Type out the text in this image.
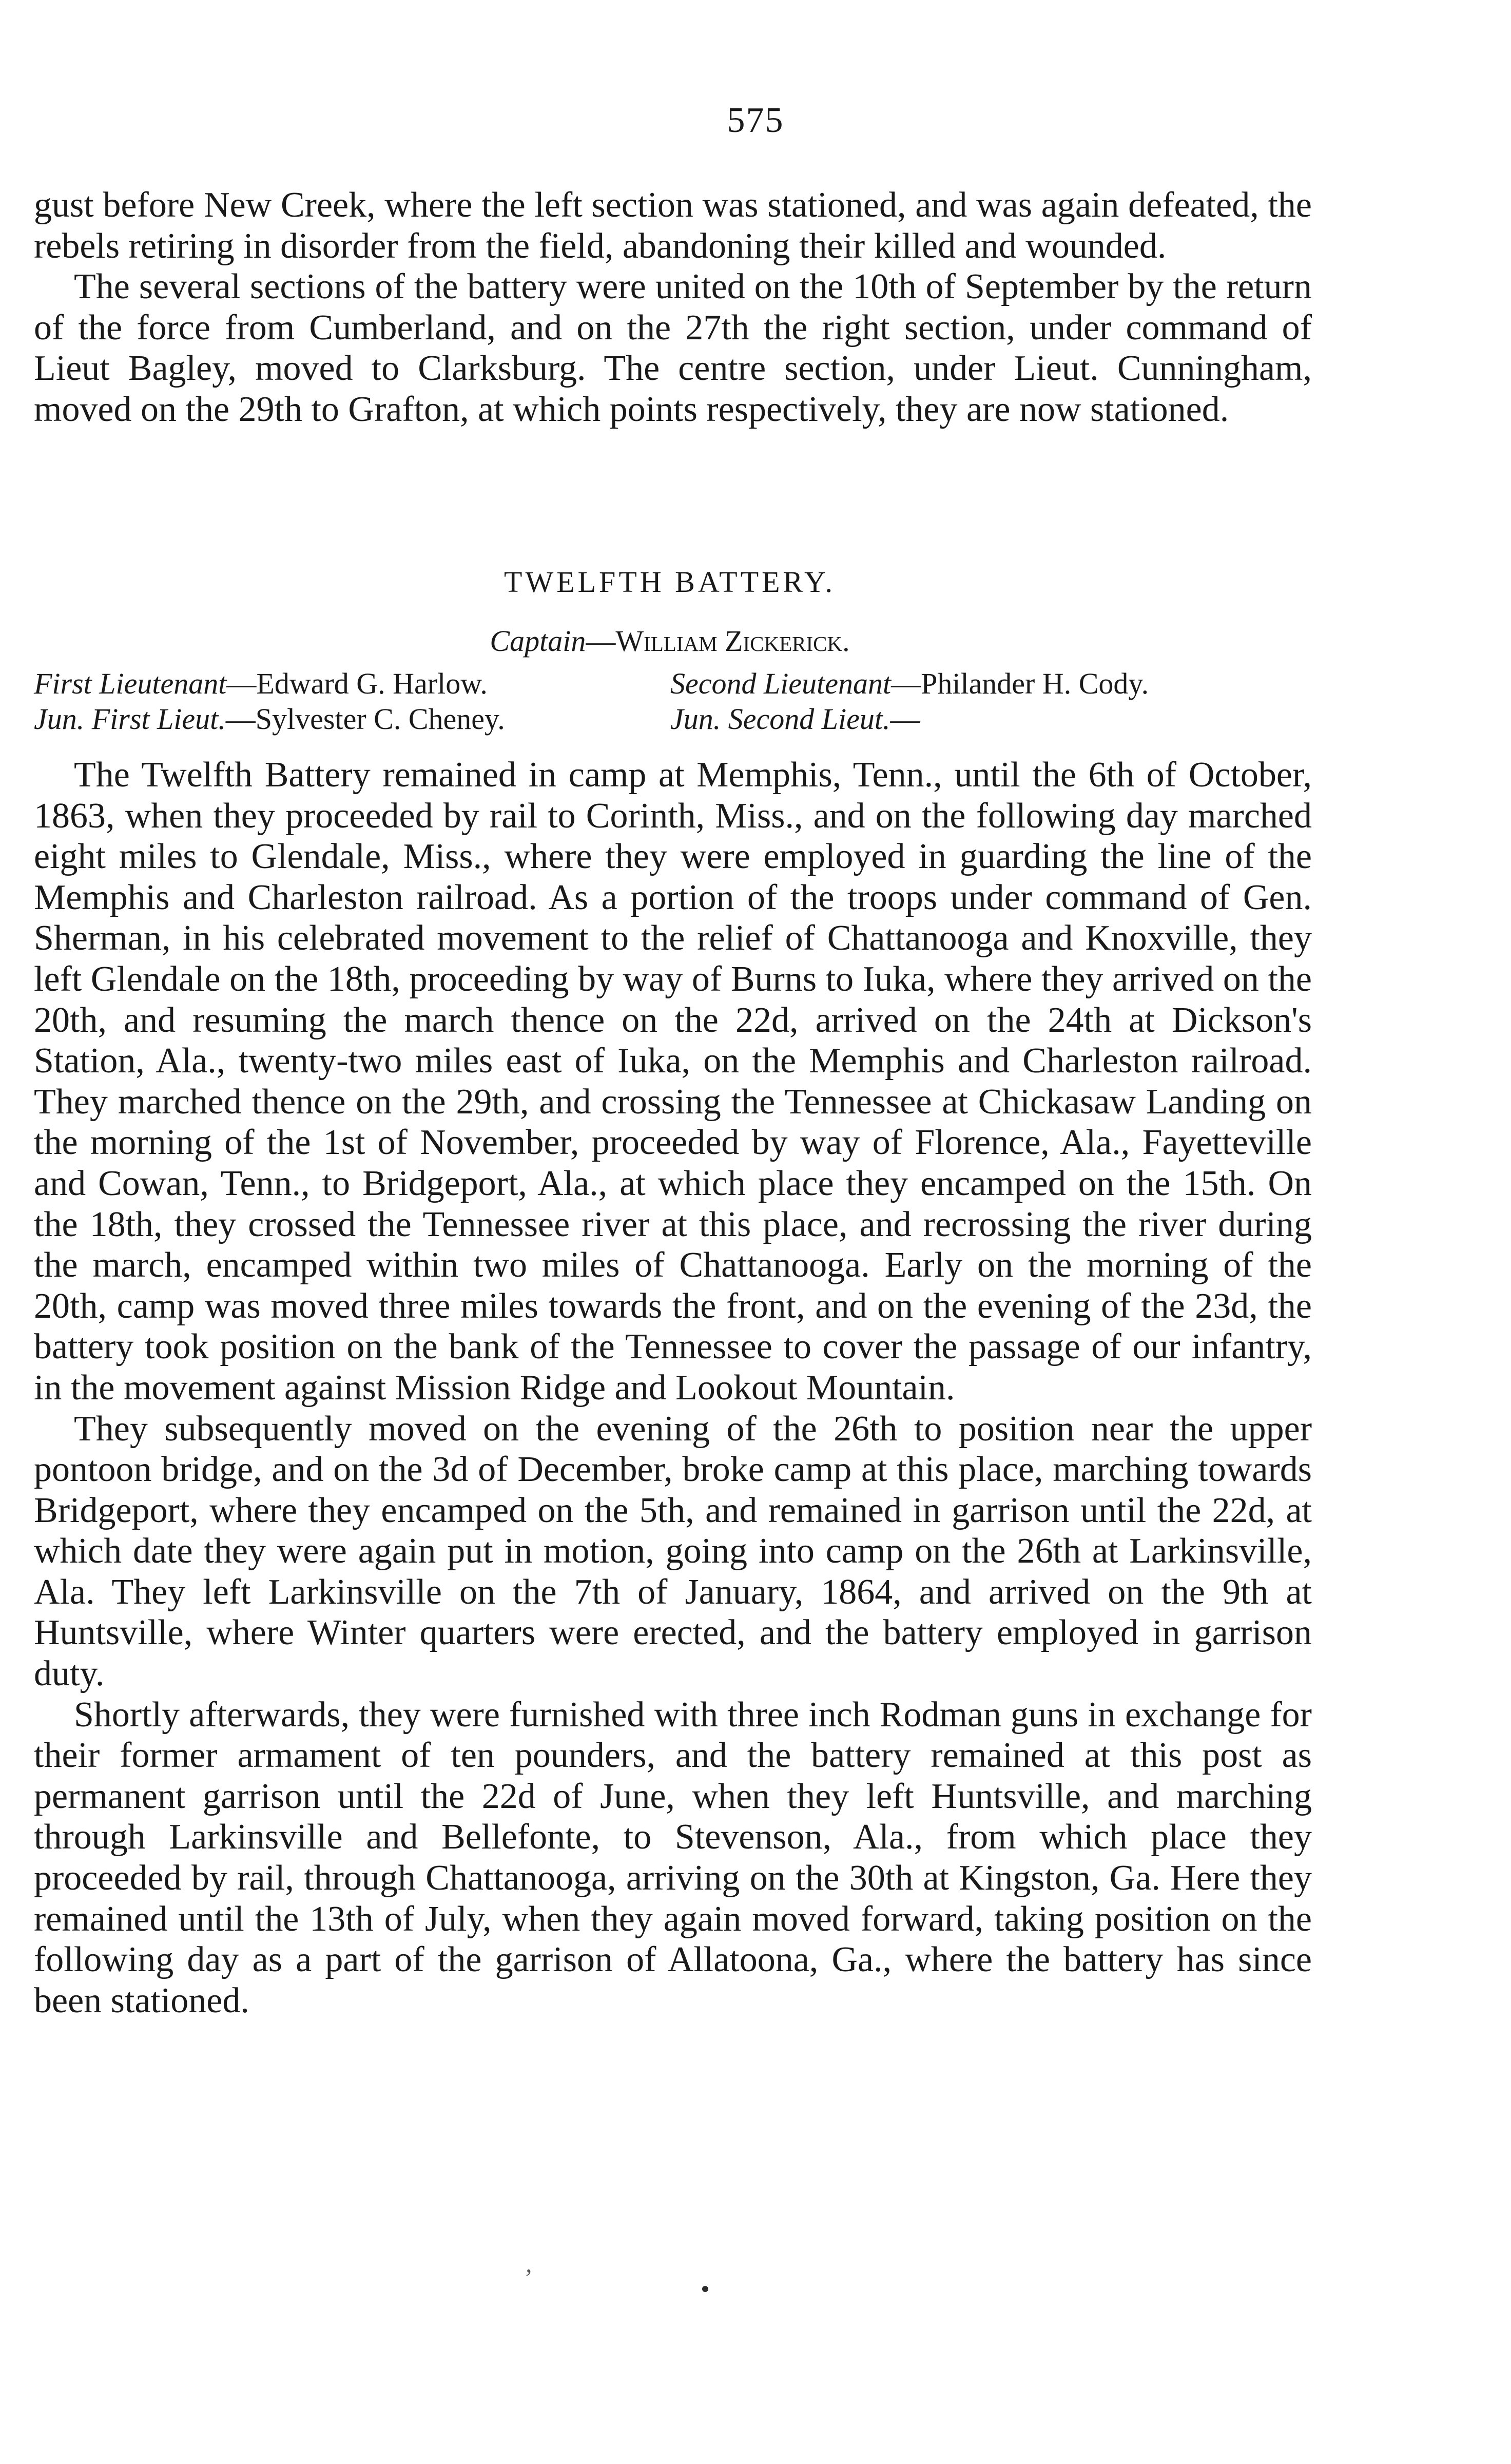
575

gust before New Creek, where the left section was stationed, and was again defeated, the rebels retiring in disorder from the field, abandoning their killed and wounded.

The several sections of the battery were united on the 10th of September by the return of the force from Cumberland, and on the 27th the right section, under command of Lieut Bagley, moved to Clarksburg. The centre section, under Lieut. Cunningham, moved on the 29th to Grafton, at which points respectively, they are now stationed.

TWELFTH BATTERY.
Captain—William Zickerick.
First Lieutenant—Edward G. Harlow.	Second Lieutenant—Philander H. Cody.
Jun. First Lieut.—Sylvester C. Cheney.	Jun. Second Lieut.—

The Twelfth Battery remained in camp at Memphis, Tenn., until the 6th of October, 1863, when they proceeded by rail to Corinth, Miss., and on the following day marched eight miles to Glendale, Miss., where they were employed in guarding the line of the Memphis and Charleston railroad. As a portion of the troops under command of Gen. Sherman, in his celebrated movement to the relief of Chattanooga and Knoxville, they left Glendale on the 18th, proceeding by way of Burns to Iuka, where they arrived on the 20th, and resuming the march thence on the 22d, arrived on the 24th at Dickson's Station, Ala., twenty-two miles east of Iuka, on the Memphis and Charleston railroad. They marched thence on the 29th, and crossing the Tennessee at Chickasaw Landing on the morning of the 1st of November, proceeded by way of Florence, Ala., Fayetteville and Cowan, Tenn., to Bridgeport, Ala., at which place they encamped on the 15th. On the 18th, they crossed the Tennessee river at this place, and recrossing the river during the march, encamped within two miles of Chattanooga. Early on the morning of the 20th, camp was moved three miles towards the front, and on the evening of the 23d, the battery took position on the bank of the Tennessee to cover the passage of our infantry, in the movement against Mission Ridge and Lookout Mountain.

They subsequently moved on the evening of the 26th to position near the upper pontoon bridge, and on the 3d of December, broke camp at this place, marching towards Bridgeport, where they encamped on the 5th, and remained in garrison until the 22d, at which date they were again put in motion, going into camp on the 26th at Larkinsville, Ala. They left Larkinsville on the 7th of January, 1864, and arrived on the 9th at Huntsville, where Winter quarters were erected, and the battery employed in garrison duty.

Shortly afterwards, they were furnished with three inch Rodman guns in exchange for their former armament of ten pounders, and the battery remained at this post as permanent garrison until the 22d of June, when they left Huntsville, and marching through Larkinsville and Bellefonte, to Stevenson, Ala., from which place they proceeded by rail, through Chattanooga, arriving on the 30th at Kingston, Ga. Here they remained until the 13th of July, when they again moved forward, taking position on the following day as a part of the garrison of Allatoona, Ga., where the battery has since been stationed.

,
